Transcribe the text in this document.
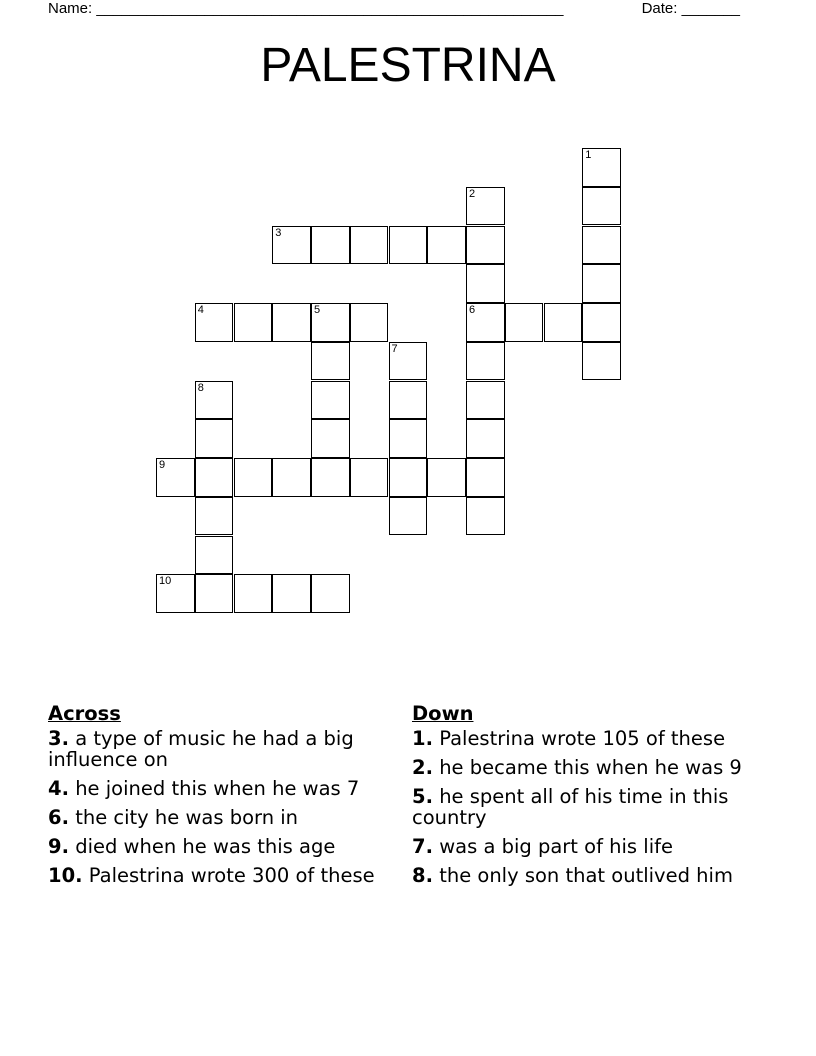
Name: ________________________________________________________	Date: _______
PALESTRINA
1
2
6
3
4	5
7
8
9
10
Across
3. a type of music he had a big influence on
4. he joined this when he was 7
6. the city he was born in
9. died when he was this age
10. Palestrina wrote 300 of these
Down
1. Palestrina wrote 105 of these
2. he became this when he was 9
5. he spent all of his time in this country
7. was a big part of his life
8. the only son that outlived him
